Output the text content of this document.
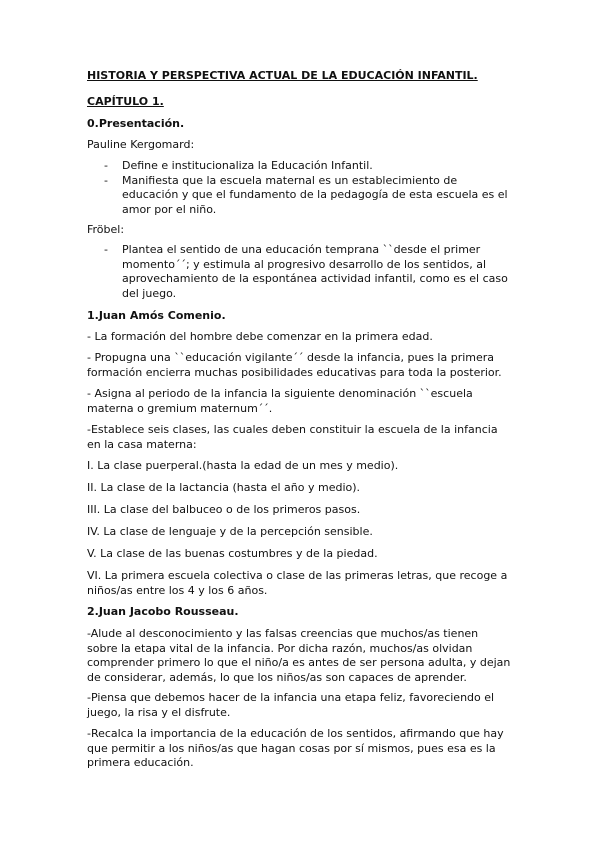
HISTORIA Y PERSPECTIVA ACTUAL DE LA EDUCACIÓN INFANTIL.
CAPÍTULO 1.
0.Presentación.
Pauline Kergomard:
- Define e institucionaliza la Educación Infantil.
- Manifiesta que la escuela maternal es un establecimiento de educación y que el fundamento de la pedagogía de esta escuela es el amor por el niño.
Fröbel:
- Plantea el sentido de una educación temprana ``desde el primer momento´´; y estimula al progresivo desarrollo de los sentidos, al aprovechamiento de la espontánea actividad infantil, como es el caso del juego.
1.Juan Amós Comenio.
- La formación del hombre debe comenzar en la primera edad.
- Propugna una ``educación vigilante´´ desde la infancia, pues la primera formación encierra muchas posibilidades educativas para toda la posterior.
- Asigna al periodo de la infancia la siguiente denominación ``escuela materna o gremium maternum´´.
-Establece seis clases, las cuales deben constituir la escuela de la infancia en la casa materna:
I. La clase puerperal.(hasta la edad de un mes y medio).
II. La clase de la lactancia (hasta el año y medio).
III. La clase del balbuceo o de los primeros pasos.
IV. La clase de lenguaje y de la percepción sensible.
V. La clase de las buenas costumbres y de la piedad.
VI. La primera escuela colectiva o clase de las primeras letras, que recoge a niños/as entre los 4 y los 6 años.
2.Juan Jacobo Rousseau.
-Alude al desconocimiento y las falsas creencias que muchos/as tienen sobre la etapa vital de la infancia. Por dicha razón, muchos/as olvidan comprender primero lo que el niño/a es antes de ser persona adulta, y dejan de considerar, además, lo que los niños/as son capaces de aprender.
-Piensa que debemos hacer de la infancia una etapa feliz, favoreciendo el juego, la risa y el disfrute.
-Recalca la importancia de la educación de los sentidos, afirmando que hay que permitir a los niños/as que hagan cosas por sí mismos, pues esa es la primera educación.
